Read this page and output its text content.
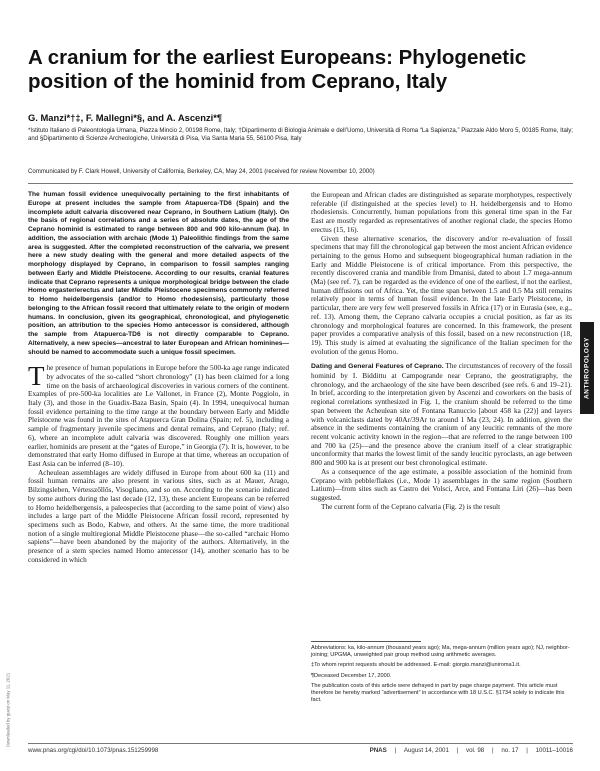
A cranium for the earliest Europeans: Phylogenetic position of the hominid from Ceprano, Italy

G. Manzi*†‡, F. Mallegni*§, and A. Ascenzi*¶

*Istituto Italiano di Paleontologia Umana, Piazza Mincio 2, 00198 Rome, Italy; †Dipartimento di Biologia Animale e dell’Uomo, Università di Roma “La Sapienza,” Piazzale Aldo Moro 5, 00185 Rome, Italy; and §Dipartimento di Scienze Archeologiche, Università di Pisa, Via Santa Maria 55, 56100 Pisa, Italy

Communicated by F. Clark Howell, University of California, Berkeley, CA, May 24, 2001 (received for review November 10, 2000)

The human fossil evidence unequivocally pertaining to the first inhabitants of Europe at present includes the sample from Atapuerca-TD6 (Spain) and the incomplete adult calvaria discovered near Ceprano, in Southern Latium (Italy). On the basis of regional correlations and a series of absolute dates, the age of the Ceprano hominid is estimated to range between 800 and 900 kilo-annum (ka). In addition, the association with archaic (Mode 1) Paleolithic findings from the same area is suggested. After the completed reconstruction of the calvaria, we present here a new study dealing with the general and more detailed aspects of the morphology displayed by Ceprano, in comparison to fossil samples ranging between Early and Middle Pleistocene. According to our results, cranial features indicate that Ceprano represents a unique morphological bridge between the clade Homo ergaster/erectus and later Middle Pleistocene specimens commonly referred to Homo heidelbergensis (and/or to Homo rhodesiensis), particularly those belonging to the African fossil record that ultimately relate to the origin of modern humans. In conclusion, given its geographical, chronological, and phylogenetic position, an attribution to the species Homo antecessor is considered, although the sample from Atapuerca-TD6 is not directly comparable to Ceprano. Alternatively, a new species—ancestral to later European and African hominines—should be named to accommodate such a unique fossil specimen.

The presence of human populations in Europe before the 500-ka age range indicated by advocates of the so-called “short chronology” (1) has been claimed for a long time on the basis of archaeological discoveries in various corners of the continent. Examples of pre-500-ka localities are Le Vallonet, in France (2), Monte Poggiolo, in Italy (3), and those in the Guadix-Baza Basin, Spain (4). In 1994, unequivocal human fossil evidence pertaining to the time range at the boundary between Early and Middle Pleistocene was found in the sites of Atapuerca Gran Dolina (Spain; ref. 5), including a sample of fragmentary juvenile specimens and dental remains, and Ceprano (Italy; ref. 6), where an incomplete adult calvaria was discovered. Roughly one million years earlier, hominids are present at the “gates of Europe,” in Georgia (7). It is, however, to be demonstrated that early Homo diffused in Europe at that time, whereas an occupation of East Asia can be inferred (8–10).

Acheulean assemblages are widely diffused in Europe from about 600 ka (11) and fossil human remains are also present in various sites, such as at Mauer, Arago, Bilzingsleben, Vértesszőllős, Visogliano, and so on. According to the scenario indicated by some authors during the last decade (12, 13), these ancient Europeans can be referred to Homo heidelbergensis, a paleospecies that (according to the same point of view) also includes a large part of the Middle Pleistocene African fossil record, represented by specimens such as Bodo, Kabwe, and others. At the same time, the more traditional notion of a single multiregional Middle Pleistocene phase—the so-called “archaic Homo sapiens”—have been abandoned by the majority of the authors. Alternatively, in the presence of a stem species named Homo antecessor (14), another scenario has to be considered in which

the European and African clades are distinguished as separate morphotypes, respectively referable (if distinguished at the species level) to H. heidelbergensis and to Homo rhodesiensis. Concurrently, human populations from this general time span in the Far East are mostly regarded as representatives of another regional clade, the species Homo erectus (15, 16).

Given these alternative scenarios, the discovery and/or re-evaluation of fossil specimens that may fill the chronological gap between the most ancient African evidence pertaining to the genus Homo and subsequent biogeographical human radiation in the Early and Middle Pleistocene is of critical importance. From this perspective, the recently discovered crania and mandible from Dmanisi, dated to about 1.7 mega-annum (Ma) (see ref. 7), can be regarded as the evidence of one of the earliest, if not the earliest, human diffusions out of Africa. Yet, the time span between 1.5 and 0.5 Ma still remains relatively poor in terms of human fossil evidence. In the late Early Pleistocene, in particular, there are very few well preserved fossils in Africa (17) or in Eurasia (see, e.g., ref. 13). Among them, the Ceprano calvaria occupies a crucial position, as far as its chronology and morphological features are concerned. In this framework, the present paper provides a comparative analysis of this fossil, based on a new reconstruction (18, 19). This study is aimed at evaluating the significance of the Italian specimen for the evolution of the genus Homo.

Dating and General Features of Ceprano. The circumstances of recovery of the fossil hominid by I. Biddittu at Campogrande near Ceprano, the geostratigraphy, the chronology, and the archaeology of the site have been described (see refs. 6 and 19–21). In brief, according to the interpretation given by Ascenzi and coworkers on the basis of regional correlations synthesized in Fig. 1, the cranium should be referred to the time span between the Acheulean site of Fontana Ranuccio [about 458 ka (22)] and layers with volcaniclasts dated by 40Ar/39Ar to around 1 Ma (23, 24). In addition, given the absence in the sediments containing the cranium of any leucitic remnants of the more recent volcanic activity known in the region—that are referred to the range between 100 and 700 ka (25)—and the presence above the cranium itself of a clear stratigraphic unconformity that marks the lowest limit of the sandy leucitic pyroclasts, an age between 800 and 900 ka is at present our best chronological estimate.

As a consequence of the age estimate, a possible association of the hominid from Ceprano with pebble/flakes (i.e., Mode 1) assemblages in the same region (Southern Latium)—from sites such as Castro dei Volsci, Arce, and Fontana Liri (26)—has been suggested.

The current form of the Ceprano calvaria (Fig. 2) is the result

Abbreviations: ka, kilo-annum (thousand years ago); Ma, mega-annum (million years ago); NJ, neighbor-joining; UPGMA, unweighted pair group method using arithmetic averages.

‡To whom reprint requests should be addressed. E-mail: giorgio.manzi@uniroma1.it.

¶Deceased December 17, 2000.

The publication costs of this article were defrayed in part by page charge payment. This article must therefore be hereby marked “advertisement” in accordance with 18 U.S.C. §1734 solely to indicate this fact.

www.pnas.org/cgi/doi/10.1073/pnas.151259998	PNAS | August 14, 2001 | vol. 98 | no. 17 | 10011–10016
ANTHROPOLOGY
Downloaded by guest on May 11, 2021
